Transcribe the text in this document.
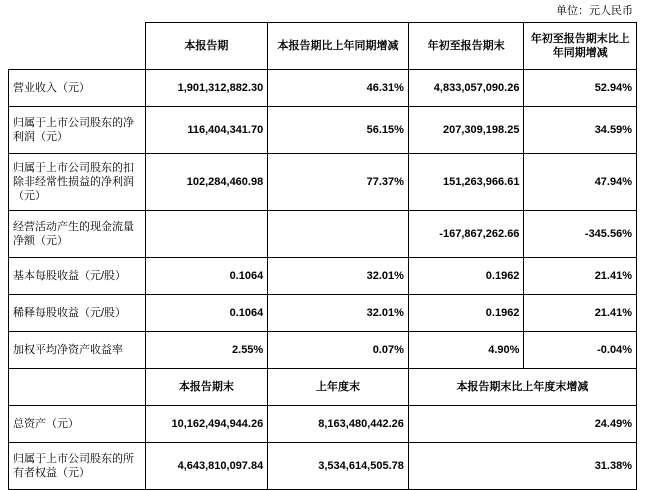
单位：元人民币
	本报告期	本报告期比上年同期增减	年初至报告期末	年初至报告期末比上年同期增减
营业收入（元）	1,901,312,882.30	46.31%	4,833,057,090.26	52.94%
归属于上市公司股东的净利润（元）	116,404,341.70	56.15%	207,309,198.25	34.59%
归属于上市公司股东的扣除非经常性损益的净利润（元）	102,284,460.98	77.37%	151,263,966.61	47.94%
经营活动产生的现金流量净额（元）			-167,867,262.66	-345.56%
基本每股收益（元/股）	0.1064	32.01%	0.1962	21.41%
稀释每股收益（元/股）	0.1064	32.01%	0.1962	21.41%
加权平均净资产收益率	2.55%	0.07%	4.90%	-0.04%
	本报告期末	上年度末	本报告期末比上年度末增减	
总资产（元）	10,162,494,944.26	8,163,480,442.26	24.49%	
归属于上市公司股东的所有者权益（元）	4,643,810,097.84	3,534,614,505.78	31.38%	
